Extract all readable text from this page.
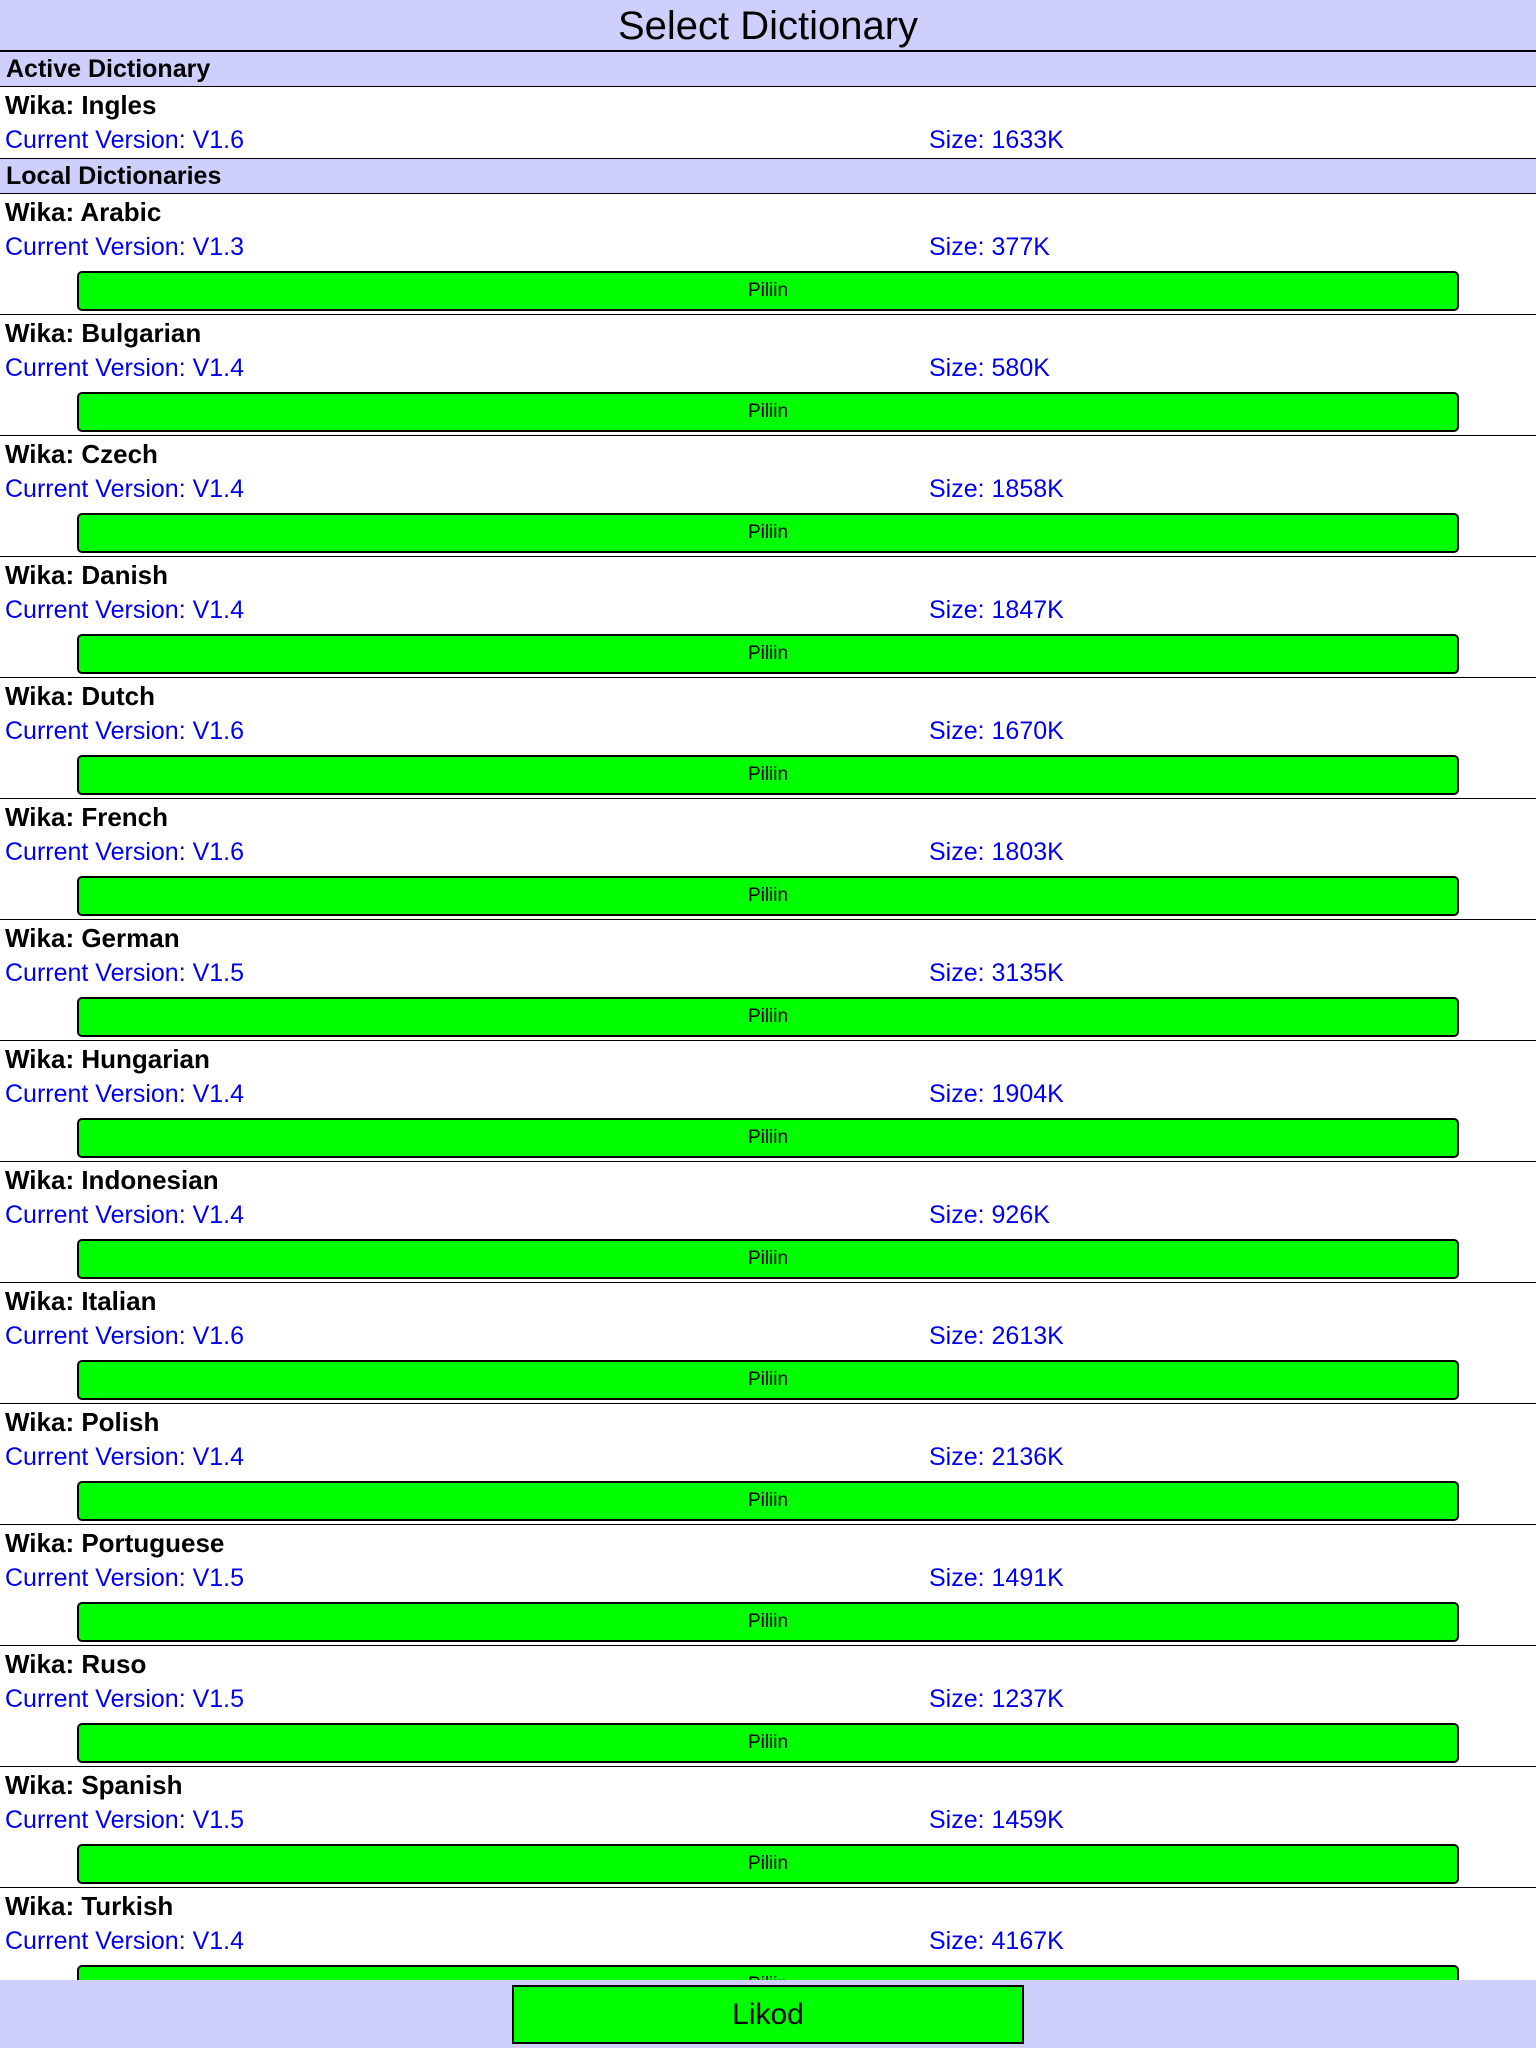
Select Dictionary
Active Dictionary
Wika: Ingles
Current Version: V1.6	Size: 1633K
Local Dictionaries
Wika: Arabic
Current Version: V1.3	Size: 377K
Piliin
Wika: Bulgarian
Current Version: V1.4	Size: 580K
Piliin
Wika: Czech
Current Version: V1.4	Size: 1858K
Piliin
Wika: Danish
Current Version: V1.4	Size: 1847K
Piliin
Wika: Dutch
Current Version: V1.6	Size: 1670K
Piliin
Wika: French
Current Version: V1.6	Size: 1803K
Piliin
Wika: German
Current Version: V1.5	Size: 3135K
Piliin
Wika: Hungarian
Current Version: V1.4	Size: 1904K
Piliin
Wika: Indonesian
Current Version: V1.4	Size: 926K
Piliin
Wika: Italian
Current Version: V1.6	Size: 2613K
Piliin
Wika: Polish
Current Version: V1.4	Size: 2136K
Piliin
Wika: Portuguese
Current Version: V1.5	Size: 1491K
Piliin
Wika: Ruso
Current Version: V1.5	Size: 1237K
Piliin
Wika: Spanish
Current Version: V1.5	Size: 1459K
Piliin
Wika: Turkish
Current Version: V1.4	Size: 4167K
Likod
